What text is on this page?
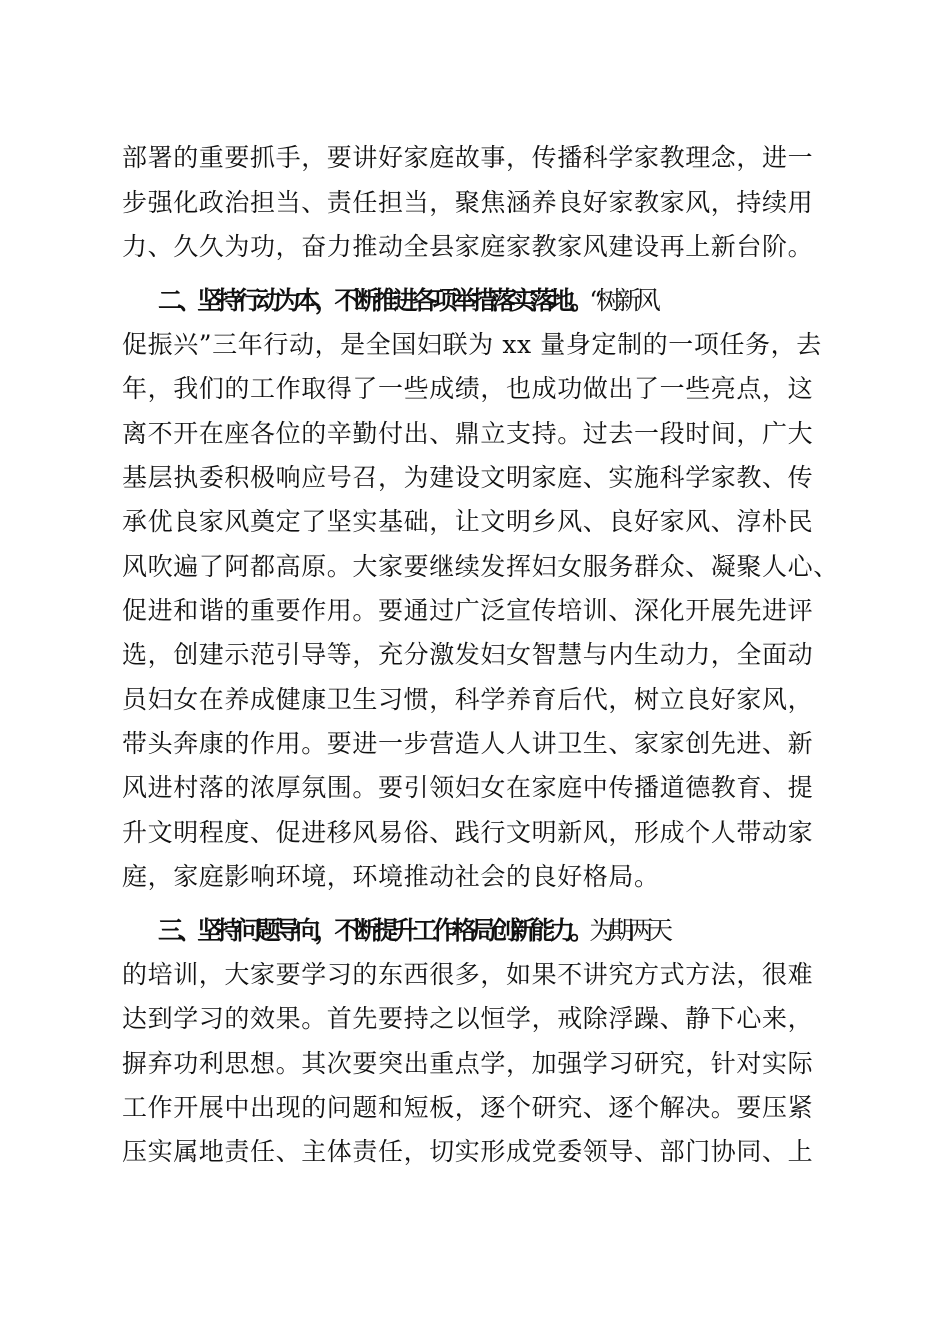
部署的重要抓手，要讲好家庭故事，传播科学家教理念，进一
步强化政治担当、责任担当，聚焦涵养良好家教家风，持续用
力、久久为功，奋力推动全县家庭家教家风建设再上新台阶。
二、坚持行动为本，不断推进各项举措落实落地。“树新风
促振兴”三年行动，是全国妇联为 xx 量身定制的一项任务，去
年，我们的工作取得了一些成绩，也成功做出了一些亮点，这
离不开在座各位的辛勤付出、鼎立支持。过去一段时间，广大
基层执委积极响应号召，为建设文明家庭、实施科学家教、传
承优良家风奠定了坚实基础，让文明乡风、良好家风、淳朴民
风吹遍了阿都高原。大家要继续发挥妇女服务群众、凝聚人心、
促进和谐的重要作用。要通过广泛宣传培训、深化开展先进评
选，创建示范引导等，充分激发妇女智慧与内生动力，全面动
员妇女在养成健康卫生习惯，科学养育后代，树立良好家风，
带头奔康的作用。要进一步营造人人讲卫生、家家创先进、新
风进村落的浓厚氛围。要引领妇女在家庭中传播道德教育、提
升文明程度、促进移风易俗、践行文明新风，形成个人带动家
庭，家庭影响环境，环境推动社会的良好格局。
三、坚持问题导向，不断提升工作格局创新能力。为期两天
的培训，大家要学习的东西很多，如果不讲究方式方法，很难
达到学习的效果。首先要持之以恒学，戒除浮躁、静下心来，
摒弃功利思想。其次要突出重点学，加强学习研究，针对实际
工作开展中出现的问题和短板，逐个研究、逐个解决。要压紧
压实属地责任、主体责任，切实形成党委领导、部门协同、上
